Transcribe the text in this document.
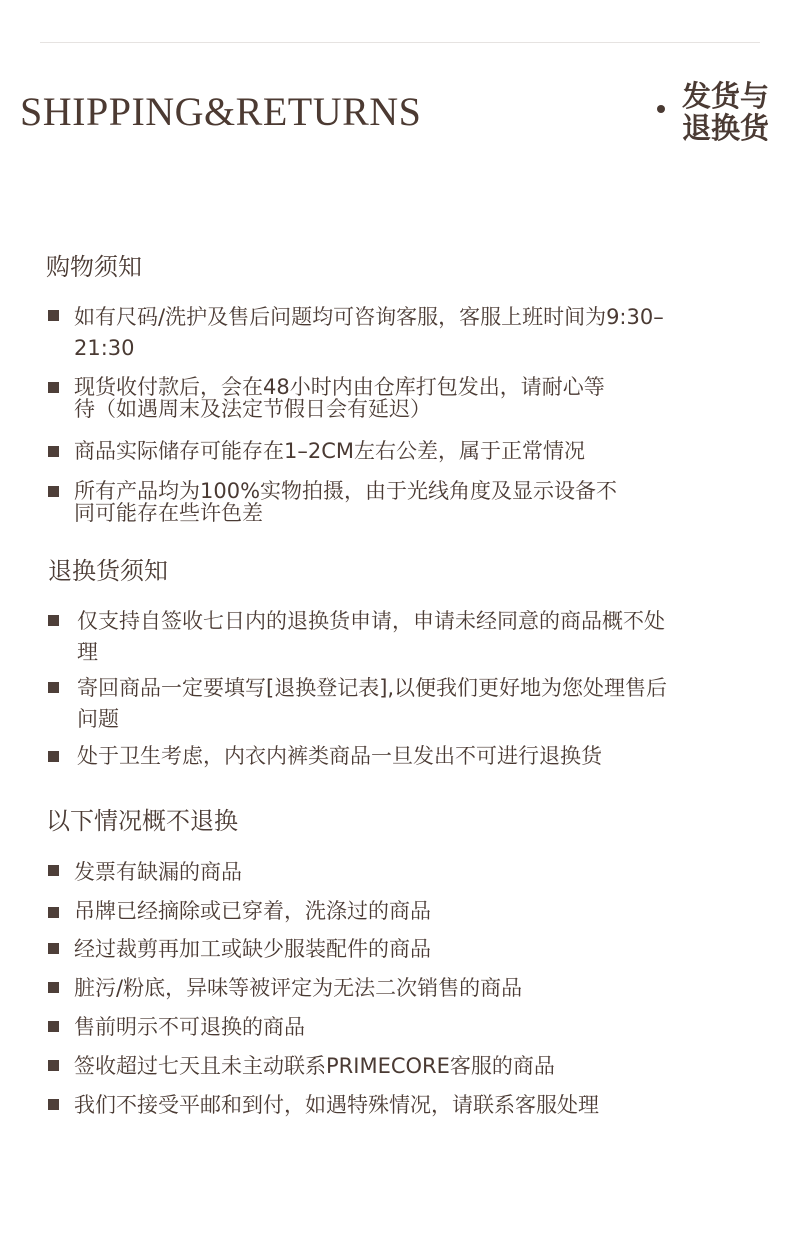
SHIPPING&RETURNS	发货与
退换货
购物须知
如有尺码/洗护及售后问题均可咨询客服，客服上班时间为9:30–21:30
现货收付款后，会在48小时内由仓库打包发出，请耐心等待（如遇周末及法定节假日会有延迟）
商品实际储存可能存在1–2CM左右公差，属于正常情况
所有产品均为100%实物拍摄，由于光线角度及显示设备不同可能存在些许色差
退换货须知
仅支持自签收七日内的退换货申请，申请未经同意的商品概不处理
寄回商品一定要填写[退换登记表],以便我们更好地为您处理售后问题
处于卫生考虑，内衣内裤类商品一旦发出不可进行退换货
以下情况概不退换
发票有缺漏的商品
吊牌已经摘除或已穿着，洗涤过的商品
经过裁剪再加工或缺少服装配件的商品
脏污/粉底，异味等被评定为无法二次销售的商品
售前明示不可退换的商品
签收超过七天且未主动联系PRIMECORE客服的商品
我们不接受平邮和到付，如遇特殊情况，请联系客服处理
